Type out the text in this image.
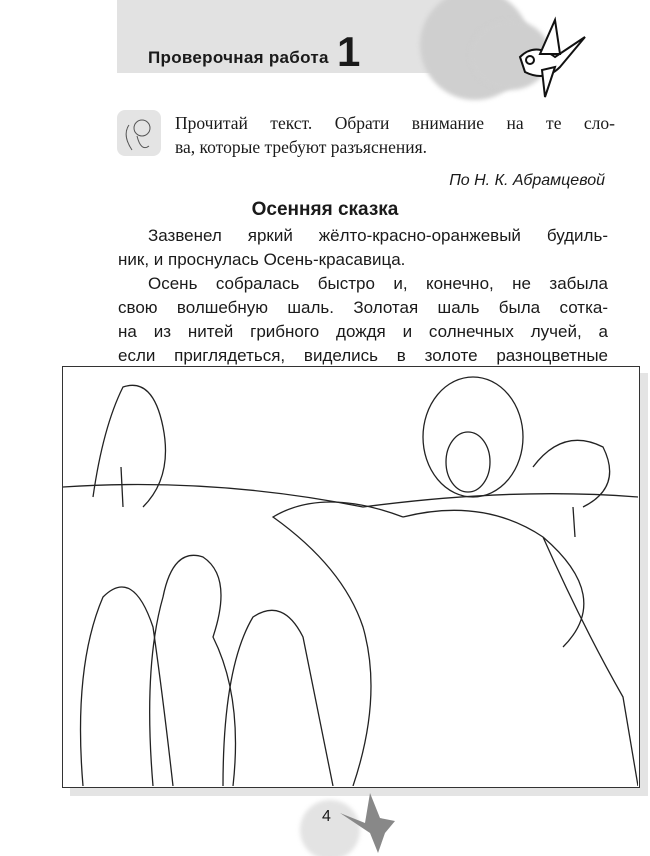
Проверочная работа 1
Прочитай текст. Обрати внимание на те сло-
ва, которые требуют разъяснения.
По Н. К. Абрамцевой
Осенняя сказка
Зазвенел яркий жёлто-красно-оранжевый будиль-
ник, и проснулась Осень-красавица.
Осень собралась быстро и, конечно, не забыла
свою волшебную шаль. Золотая шаль была сотка-
на из нитей грибного дождя и солнечных лучей, а
если приглядеться, виделись в золоте разноцветные
4
